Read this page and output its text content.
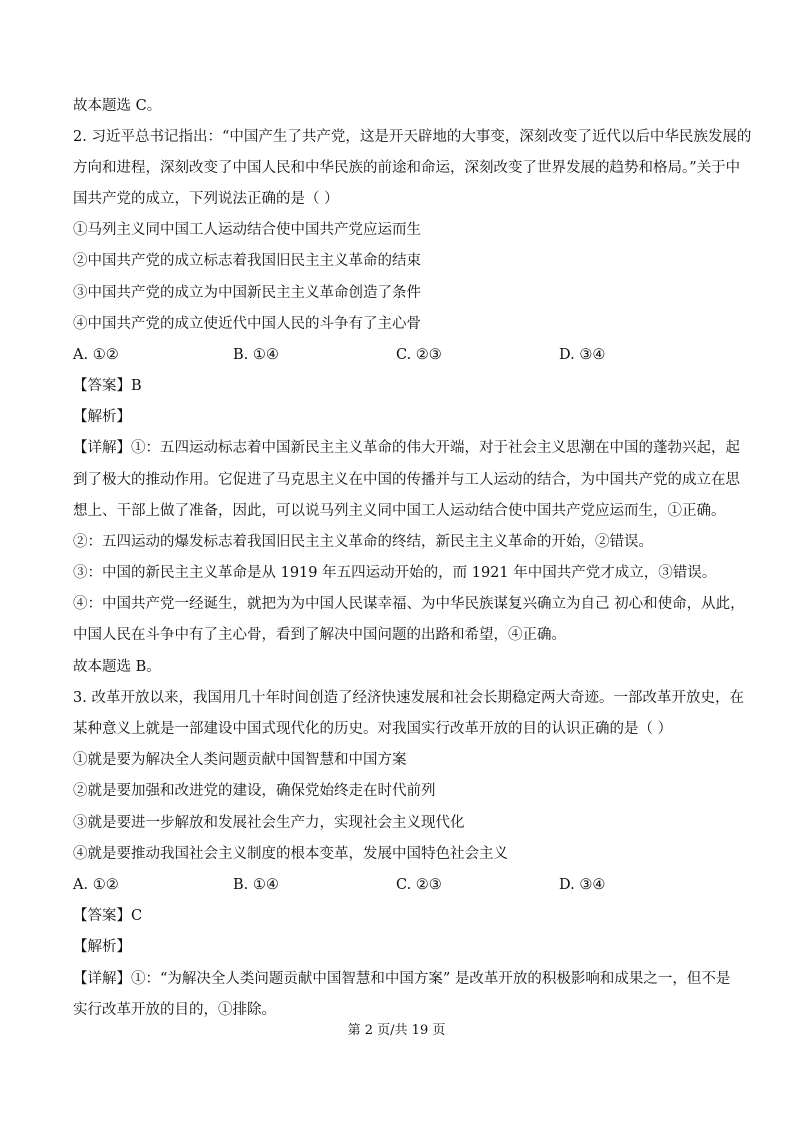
故本题选 C。
2. 习近平总书记指出：“中国产生了共产党，这是开天辟地的大事变，深刻改变了近代以后中华民族发展的
方向和进程，深刻改变了中国人民和中华民族的前途和命运，深刻改变了世界发展的趋势和格局。”关于中
国共产党的成立，下列说法正确的是（ ）
①马列主义同中国工人运动结合使中国共产党应运而生
②中国共产党的成立标志着我国旧民主主义革命的结束
③中国共产党的成立为中国新民主主义革命创造了条件
④中国共产党的成立使近代中国人民的斗争有了主心骨
A. ①②	B. ①④	C. ②③	D. ③④
【答案】B
【解析】
【详解】①：五四运动标志着中国新民主主义革命的伟大开端，对于社会主义思潮在中国的蓬勃兴起，起
到了极大的推动作用。它促进了马克思主义在中国的传播并与工人运动的结合，为中国共产党的成立在思
想上、干部上做了准备，因此，可以说马列主义同中国工人运动结合使中国共产党应运而生，①正确。
②：五四运动的爆发标志着我国旧民主主义革命的终结，新民主主义革命的开始，②错误。
③：中国的新民主主义革命是从 1919 年五四运动开始的，而 1921 年中国共产党才成立，③错误。
④：中国共产党一经诞生，就把为为中国人民谋幸福、为中华民族谋复兴确立为自己 初心和使命，从此，
中国人民在斗争中有了主心骨，看到了解决中国问题的出路和希望，④正确。
故本题选 B。
3. 改革开放以来，我国用几十年时间创造了经济快速发展和社会长期稳定两大奇迹。一部改革开放史，在
某种意义上就是一部建设中国式现代化的历史。对我国实行改革开放的目的认识正确的是（ ）
①就是要为解决全人类问题贡献中国智慧和中国方案
②就是要加强和改进党的建设，确保党始终走在时代前列
③就是要进一步解放和发展社会生产力，实现社会主义现代化
④就是要推动我国社会主义制度的根本变革，发展中国特色社会主义
A. ①②	B. ①④	C. ②③	D. ③④
【答案】C
【解析】
【详解】①：“为解决全人类问题贡献中国智慧和中国方案” 是改革开放的积极影响和成果之一，但不是
实行改革开放的目的，①排除。
第 2 页/共 19 页
